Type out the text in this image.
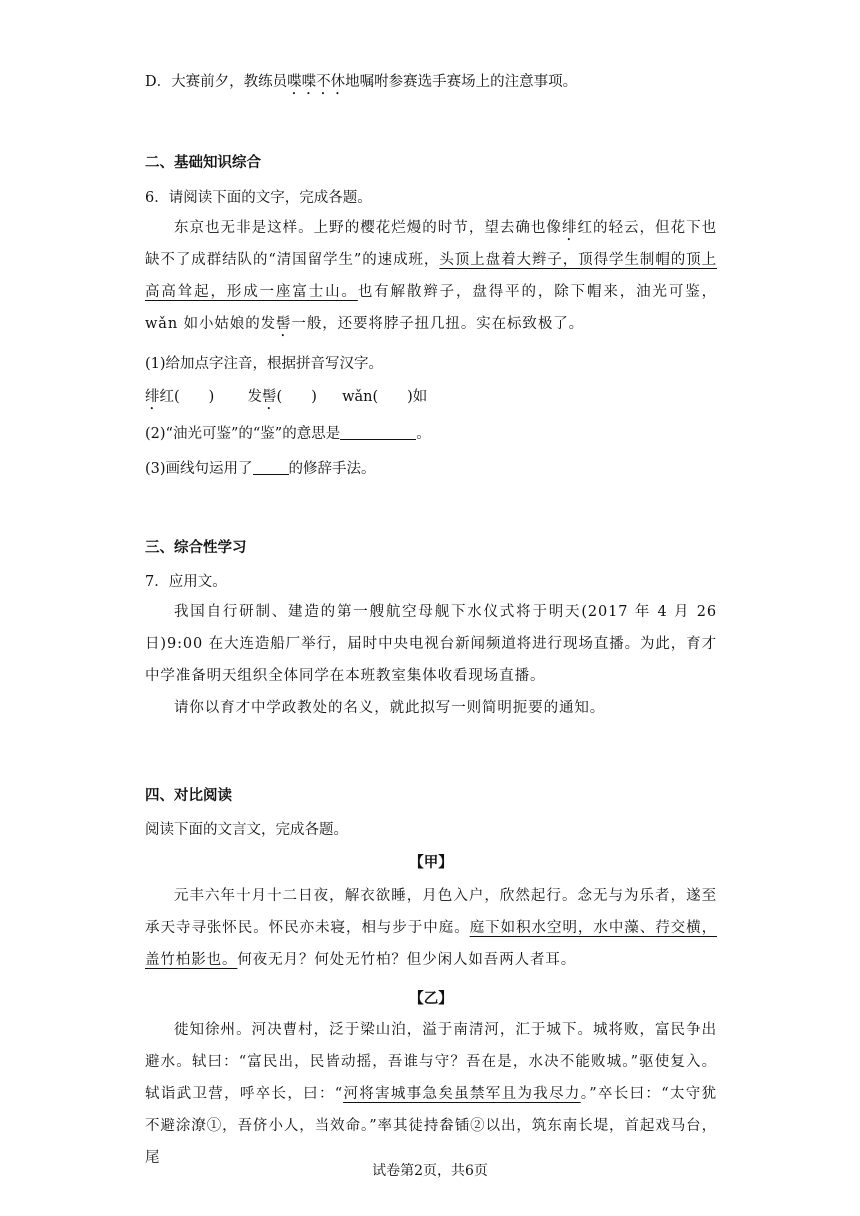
D．大赛前夕，教练员喋喋不休地嘱咐参赛选手赛场上的注意事项。
二、基础知识综合
6．请阅读下面的文字，完成各题。
东京也无非是这样。上野的樱花烂熳的时节，望去确也像绯红的轻云，但花下也缺不了成群结队的“清国留学生”的速成班，头顶上盘着大辫子，顶得学生制帽的顶上高高耸起，形成一座富士山。也有解散辫子，盘得平的，除下帽来，油光可鉴，wǎn 如小姑娘的发髻一般，还要将脖子扭几扭。实在标致极了。
(1)给加点字注音，根据拼音写汉字。
绯红(　　) 发髻(　　) wǎn(　　)如
(2)“油光可鉴”的“鉴”的意思是	。
(3)画线句运用了 的修辞手法。
三、综合性学习
7．应用文。
我国自行研制、建造的第一艘航空母舰下水仪式将于明天(2017 年 4 月 26 日)9:00 在大连造船厂举行，届时中央电视台新闻频道将进行现场直播。为此，育才中学准备明天组织全体同学在本班教室集体收看现场直播。
请你以育才中学政教处的名义，就此拟写一则简明扼要的通知。
四、对比阅读
阅读下面的文言文，完成各题。
【甲】
元丰六年十月十二日夜，解衣欲睡，月色入户，欣然起行。念无与为乐者，遂至承天寺寻张怀民。怀民亦未寝，相与步于中庭。庭下如积水空明，水中藻、荇交横，盖竹柏影也。何夜无月？何处无竹柏？但少闲人如吾两人者耳。
【乙】
徙知徐州。河决曹村，泛于梁山泊，溢于南清河，汇于城下。城将败，富民争出避水。轼曰：“富民出，民皆动摇，吾谁与守？吾在是，水决不能败城。”驱使复入。轼诣武卫营，呼卒长，曰：“河将害城事急矣虽禁军且为我尽力。”卒长曰：“太守犹不避涂潦①，吾侪小人，当效命。”率其徒持畚锸②以出，筑东南长堤，首起戏马台，尾
试卷第2页，共6页
